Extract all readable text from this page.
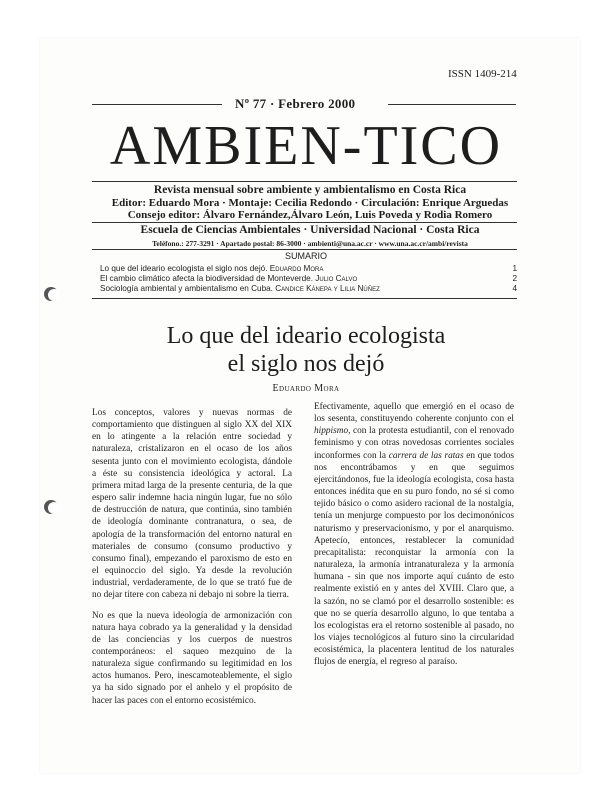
ISSN 1409-214
Nº 77 · Febrero 2000
AMBIEN-TICO
Revista mensual sobre ambiente y ambientalismo en Costa Rica
Editor: Eduardo Mora · Montaje: Cecilia Redondo · Circulación: Enrique Arguedas
Consejo editor: Álvaro Fernández,Álvaro León, Luis Poveda y Rodia Romero
Escuela de Ciencias Ambientales · Universidad Nacional · Costa Rica
Teléfono.: 277-3291 · Apartado postal: 86-3000 · ambienti@una.ac.cr · www.una.ac.cr/ambi/revista
SUMARIO
Lo que del ideario ecologista el siglo nos dejó. Eduardo Mora	1
El cambio climático afecta la biodiversidad de Monteverde. Julio Calvo	2
Sociología ambiental y ambientalismo en Cuba. Candice Kánepa y Lilia Núñez	4
Lo que del ideario ecologista
el siglo nos dejó
Eduardo Mora

Los conceptos, valores y nuevas normas de comportamiento que distinguen al siglo XX del XIX en lo atingente a la relación entre sociedad y naturaleza, cristalizaron en el ocaso de los años sesenta junto con el movimiento ecologista, dándole a éste su consistencia ideológica y actoral. La primera mitad larga de la presente centuria, de la que espero salir indemne hacia ningún lugar, fue no sólo de destrucción de natura, que continúa, sino también de ideología dominante contranatura, o sea, de apología de la transformación del entorno natural en materiales de consumo (consumo productivo y consumo final), empezando el paroxismo de esto en el equinoccio del siglo. Ya desde la revolución industrial, verdaderamente, de lo que se trató fue de no dejar títere con cabeza ni debajo ni sobre la tierra.

No es que la nueva ideología de armonización con natura haya cobrado ya la generalidad y la densidad de las conciencias y los cuerpos de nuestros contemporáneos: el saqueo mezquino de la naturaleza sigue confirmando su legitimidad en los actos humanos. Pero, inescamoteablemente, el siglo ya ha sido signado por el anhelo y el propósito de hacer las paces con el entorno ecosistémico.

Efectivamente, aquello que emergió en el ocaso de los sesenta, constituyendo coherente conjunto con el hippismo, con la protesta estudiantil, con el renovado feminismo y con otras novedosas corrientes sociales inconformes con la carrera de las ratas en que todos nos encontrábamos y en que seguimos ejercitándonos, fue la ideología ecologista, cosa hasta entonces inédita que en su puro fondo, no sé si como tejido básico o como asidero racional de la nostalgia, tenía un menjurge compuesto por los decimonónicos naturismo y preservacionismo, y por el anarquismo. Apetecío, entonces, restablecer la comunidad precapitalista: reconquistar la armonía con la naturaleza, la armonía intranaturaleza y la armonía humana - sin que nos importe aquí cuánto de esto realmente existió en y antes del XVIII. Claro que, a la sazón, no se clamó por el desarrollo sostenible: es que no se quería desarrollo alguno, lo que tentaba a los ecologistas era el retorno sostenible al pasado, no los viajes tecnológicos al futuro sino la circularidad ecosistémica, la placentera lentitud de los naturales flujos de energía, el regreso al paraíso.
